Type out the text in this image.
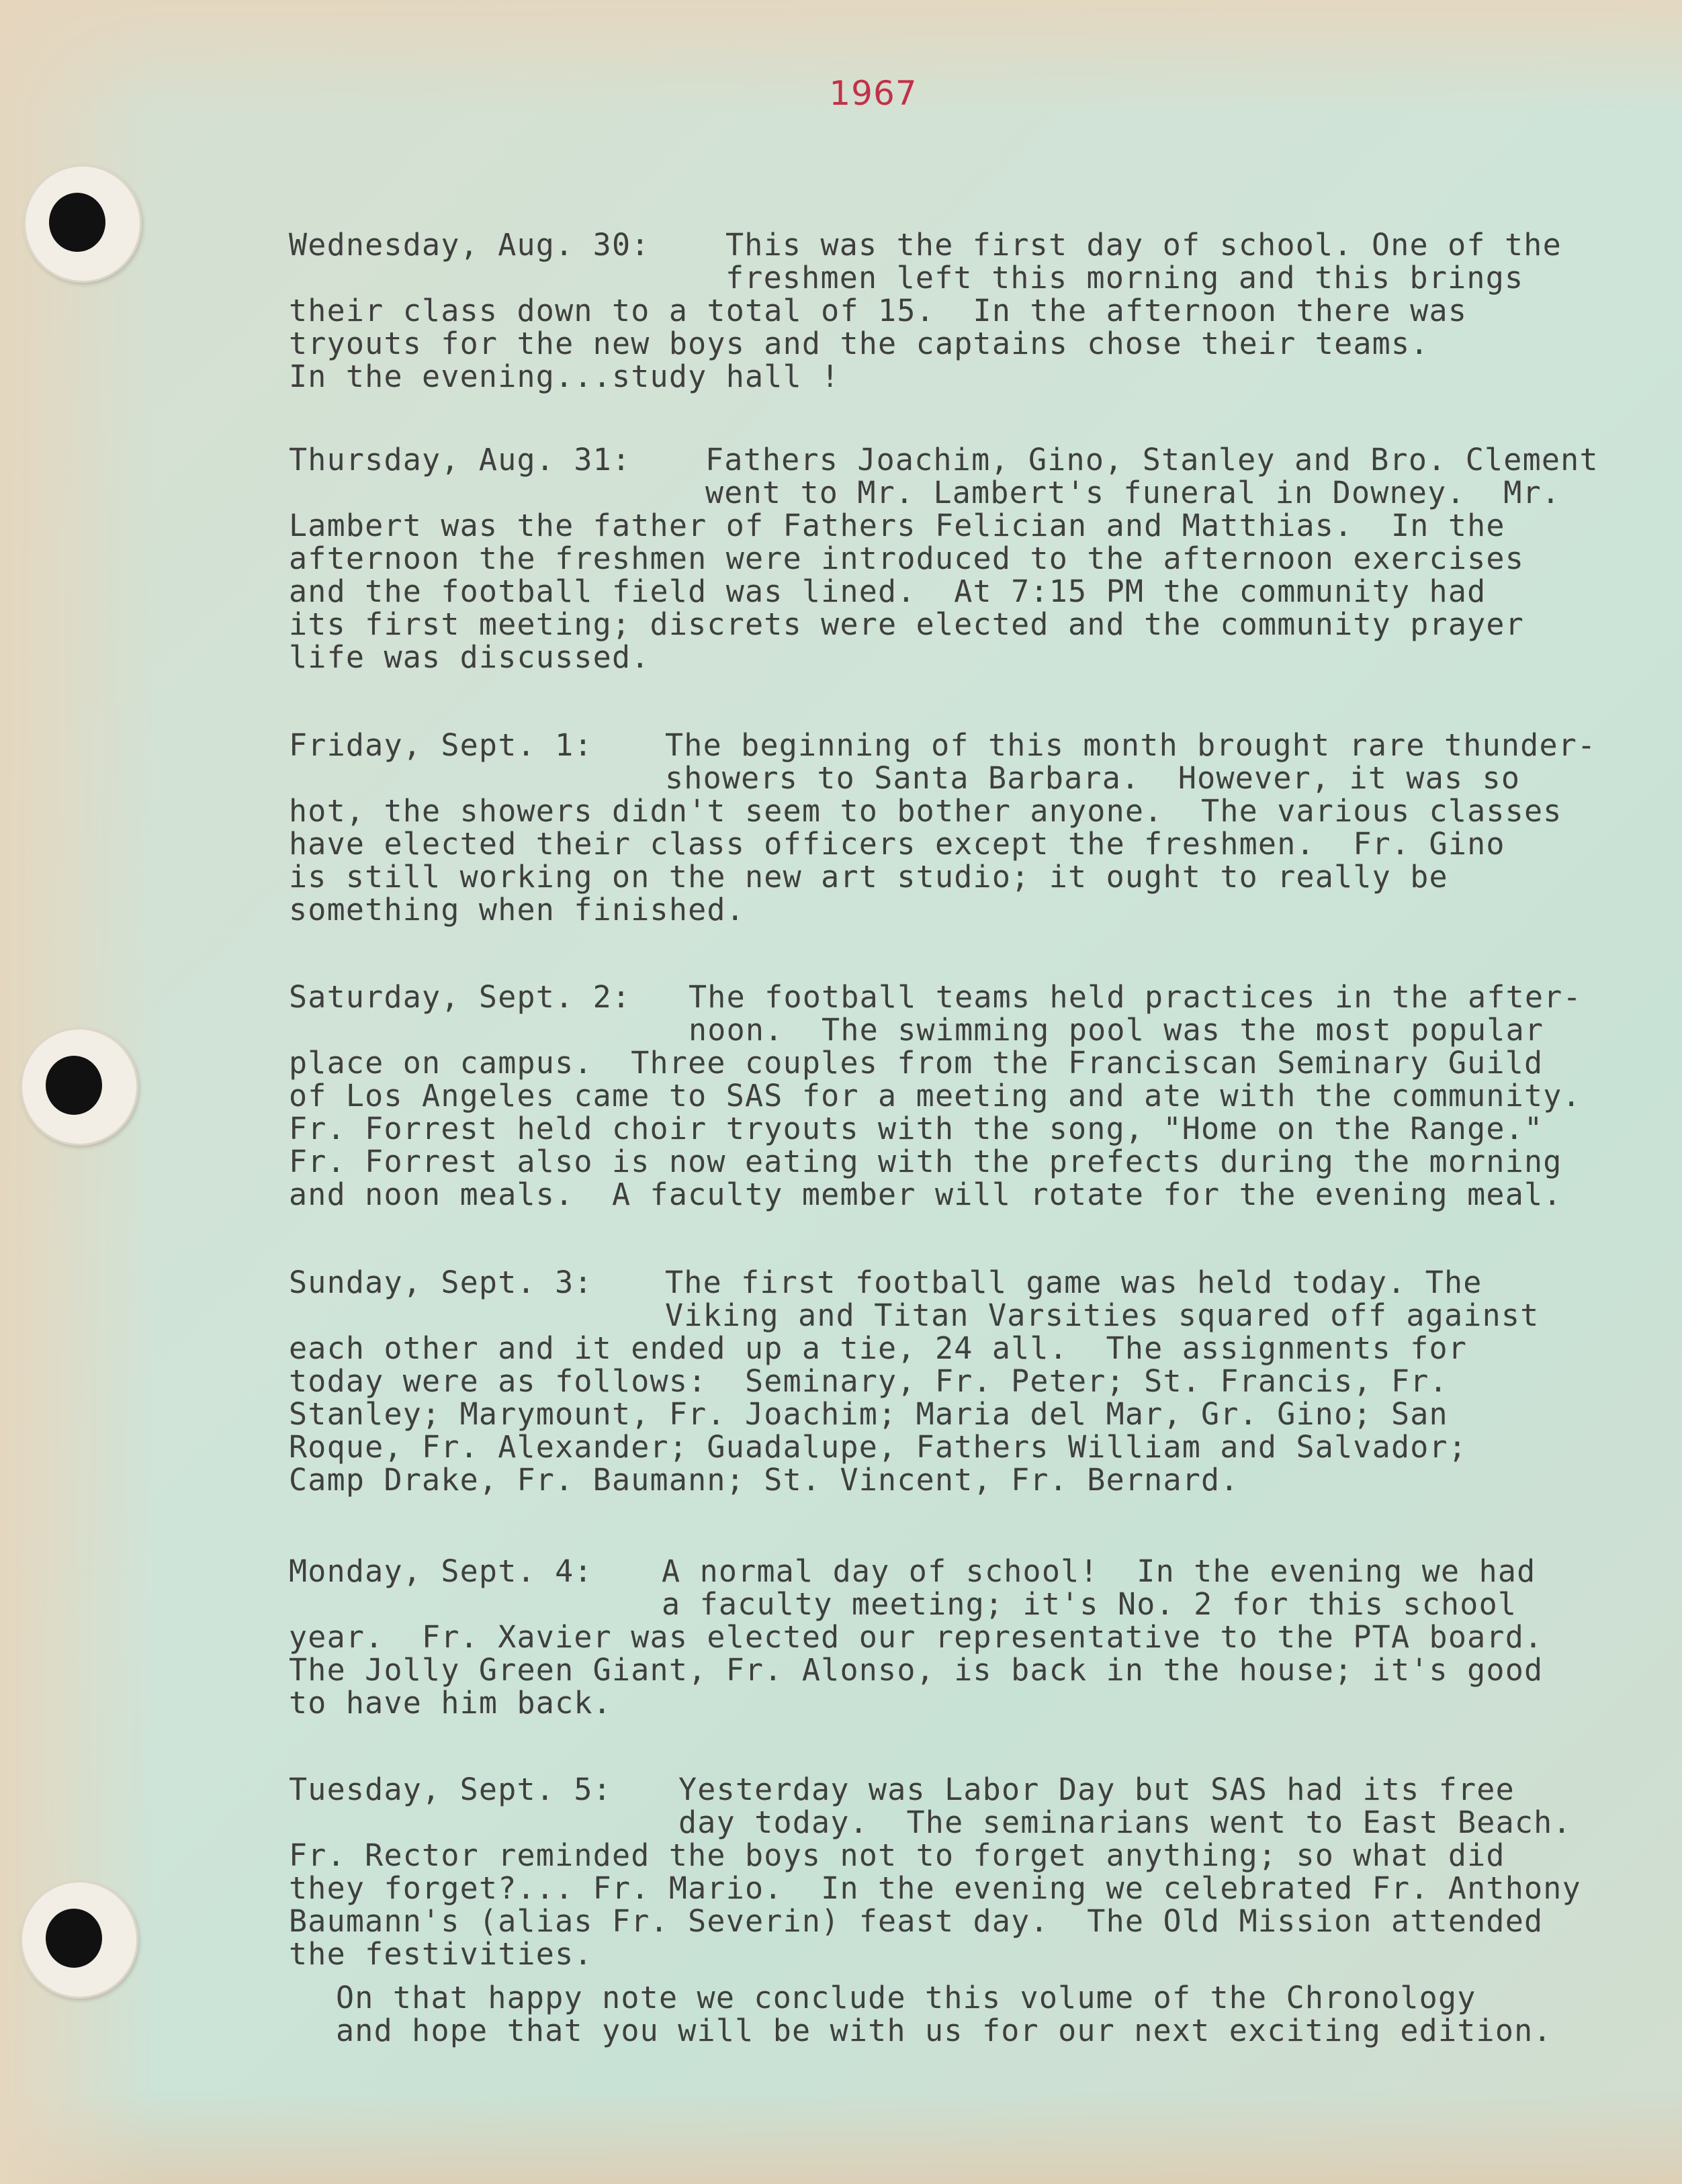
1967
Wednesday, Aug. 30:	This was the first day of school. One of the
freshmen left this morning and this brings
their class down to a total of 15.  In the afternoon there was
tryouts for the new boys and the captains chose their teams.
In the evening...study hall !
Thursday, Aug. 31:	Fathers Joachim, Gino, Stanley and Bro. Clement
went to Mr. Lambert's funeral in Downey.  Mr.
Lambert was the father of Fathers Felician and Matthias.  In the
afternoon the freshmen were introduced to the afternoon exercises
and the football field was lined.  At 7:15 PM the community had
its first meeting; discrets were elected and the community prayer
life was discussed.
Friday, Sept. 1:	The beginning of this month brought rare thunder-
showers to Santa Barbara.  However, it was so
hot, the showers didn't seem to bother anyone.  The various classes
have elected their class officers except the freshmen.  Fr. Gino
is still working on the new art studio; it ought to really be
something when finished.
Saturday, Sept. 2:	The football teams held practices in the after-
noon.  The swimming pool was the most popular
place on campus.  Three couples from the Franciscan Seminary Guild
of Los Angeles came to SAS for a meeting and ate with the community.
Fr. Forrest held choir tryouts with the song, "Home on the Range."
Fr. Forrest also is now eating with the prefects during the morning
and noon meals.  A faculty member will rotate for the evening meal.
Sunday, Sept. 3:	The first football game was held today. The
Viking and Titan Varsities squared off against
each other and it ended up a tie, 24 all.  The assignments for
today were as follows:  Seminary, Fr. Peter; St. Francis, Fr.
Stanley; Marymount, Fr. Joachim; Maria del Mar, Gr. Gino; San
Roque, Fr. Alexander; Guadalupe, Fathers William and Salvador;
Camp Drake, Fr. Baumann; St. Vincent, Fr. Bernard.
Monday, Sept. 4:	A normal day of school!  In the evening we had
a faculty meeting; it's No. 2 for this school
year.  Fr. Xavier was elected our representative to the PTA board.
The Jolly Green Giant, Fr. Alonso, is back in the house; it's good
to have him back.
Tuesday, Sept. 5:	Yesterday was Labor Day but SAS had its free
day today.  The seminarians went to East Beach.
Fr. Rector reminded the boys not to forget anything; so what did
they forget?... Fr. Mario.  In the evening we celebrated Fr. Anthony
Baumann's (alias Fr. Severin) feast day.  The Old Mission attended
the festivities.
On that happy note we conclude this volume of the Chronology
and hope that you will be with us for our next exciting edition.
